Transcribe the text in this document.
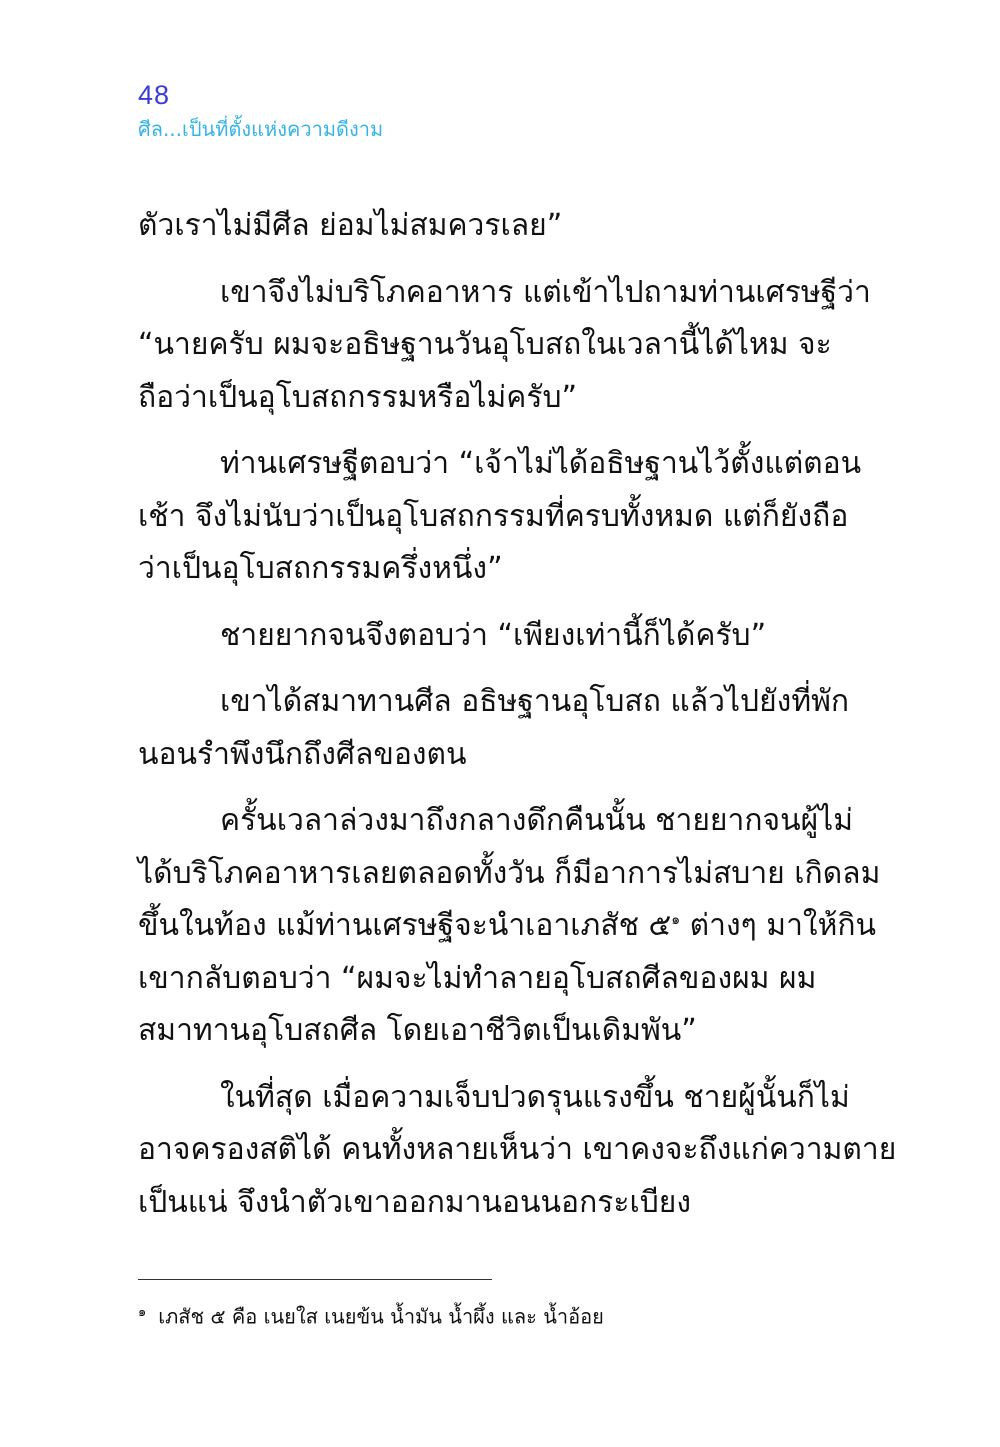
48
ศีล...เป็นที่ตั้งแห่งความดีงาม

ตัวเราไม่มีศีล ย่อมไม่สมควรเลย”

เขาจึงไม่บริโภคอาหาร แต่เข้าไปถามท่านเศรษฐีว่า
“นายครับ ผมจะอธิษฐานวันอุโบสถในเวลานี้ได้ไหม จะ
ถือว่าเป็นอุโบสถกรรมหรือไม่ครับ”

ท่านเศรษฐีตอบว่า “เจ้าไม่ได้อธิษฐานไว้ตั้งแต่ตอน
เช้า จึงไม่นับว่าเป็นอุโบสถกรรมที่ครบทั้งหมด แต่ก็ยังถือ
ว่าเป็นอุโบสถกรรมครึ่งหนึ่ง”

ชายยากจนจึงตอบว่า “เพียงเท่านี้ก็ได้ครับ”

เขาได้สมาทานศีล อธิษฐานอุโบสถ แล้วไปยังที่พัก
นอนรำพึงนึกถึงศีลของตน

ครั้นเวลาล่วงมาถึงกลางดึกคืนนั้น ชายยากจนผู้ไม่
ได้บริโภคอาหารเลยตลอดทั้งวัน ก็มีอาการไม่สบาย เกิดลม
ขึ้นในท้อง แม้ท่านเศรษฐีจะนำเอาเภสัช ๕$^๑$ ต่างๆ มาให้กิน
เขากลับตอบว่า “ผมจะไม่ทำลายอุโบสถศีลของผม ผม
สมาทานอุโบสถศีล โดยเอาชีวิตเป็นเดิมพัน”

ในที่สุด เมื่อความเจ็บปวดรุนแรงขึ้น ชายผู้นั้นก็ไม่
อาจครองสติได้ คนทั้งหลายเห็นว่า เขาคงจะถึงแก่ความตาย
เป็นแน่ จึงนำตัวเขาออกมานอนนอกระเบียง

$^๑$ เภสัช ๕ คือ เนยใส เนยข้น น้ำมัน น้ำผึ้ง และ น้ำอ้อย
